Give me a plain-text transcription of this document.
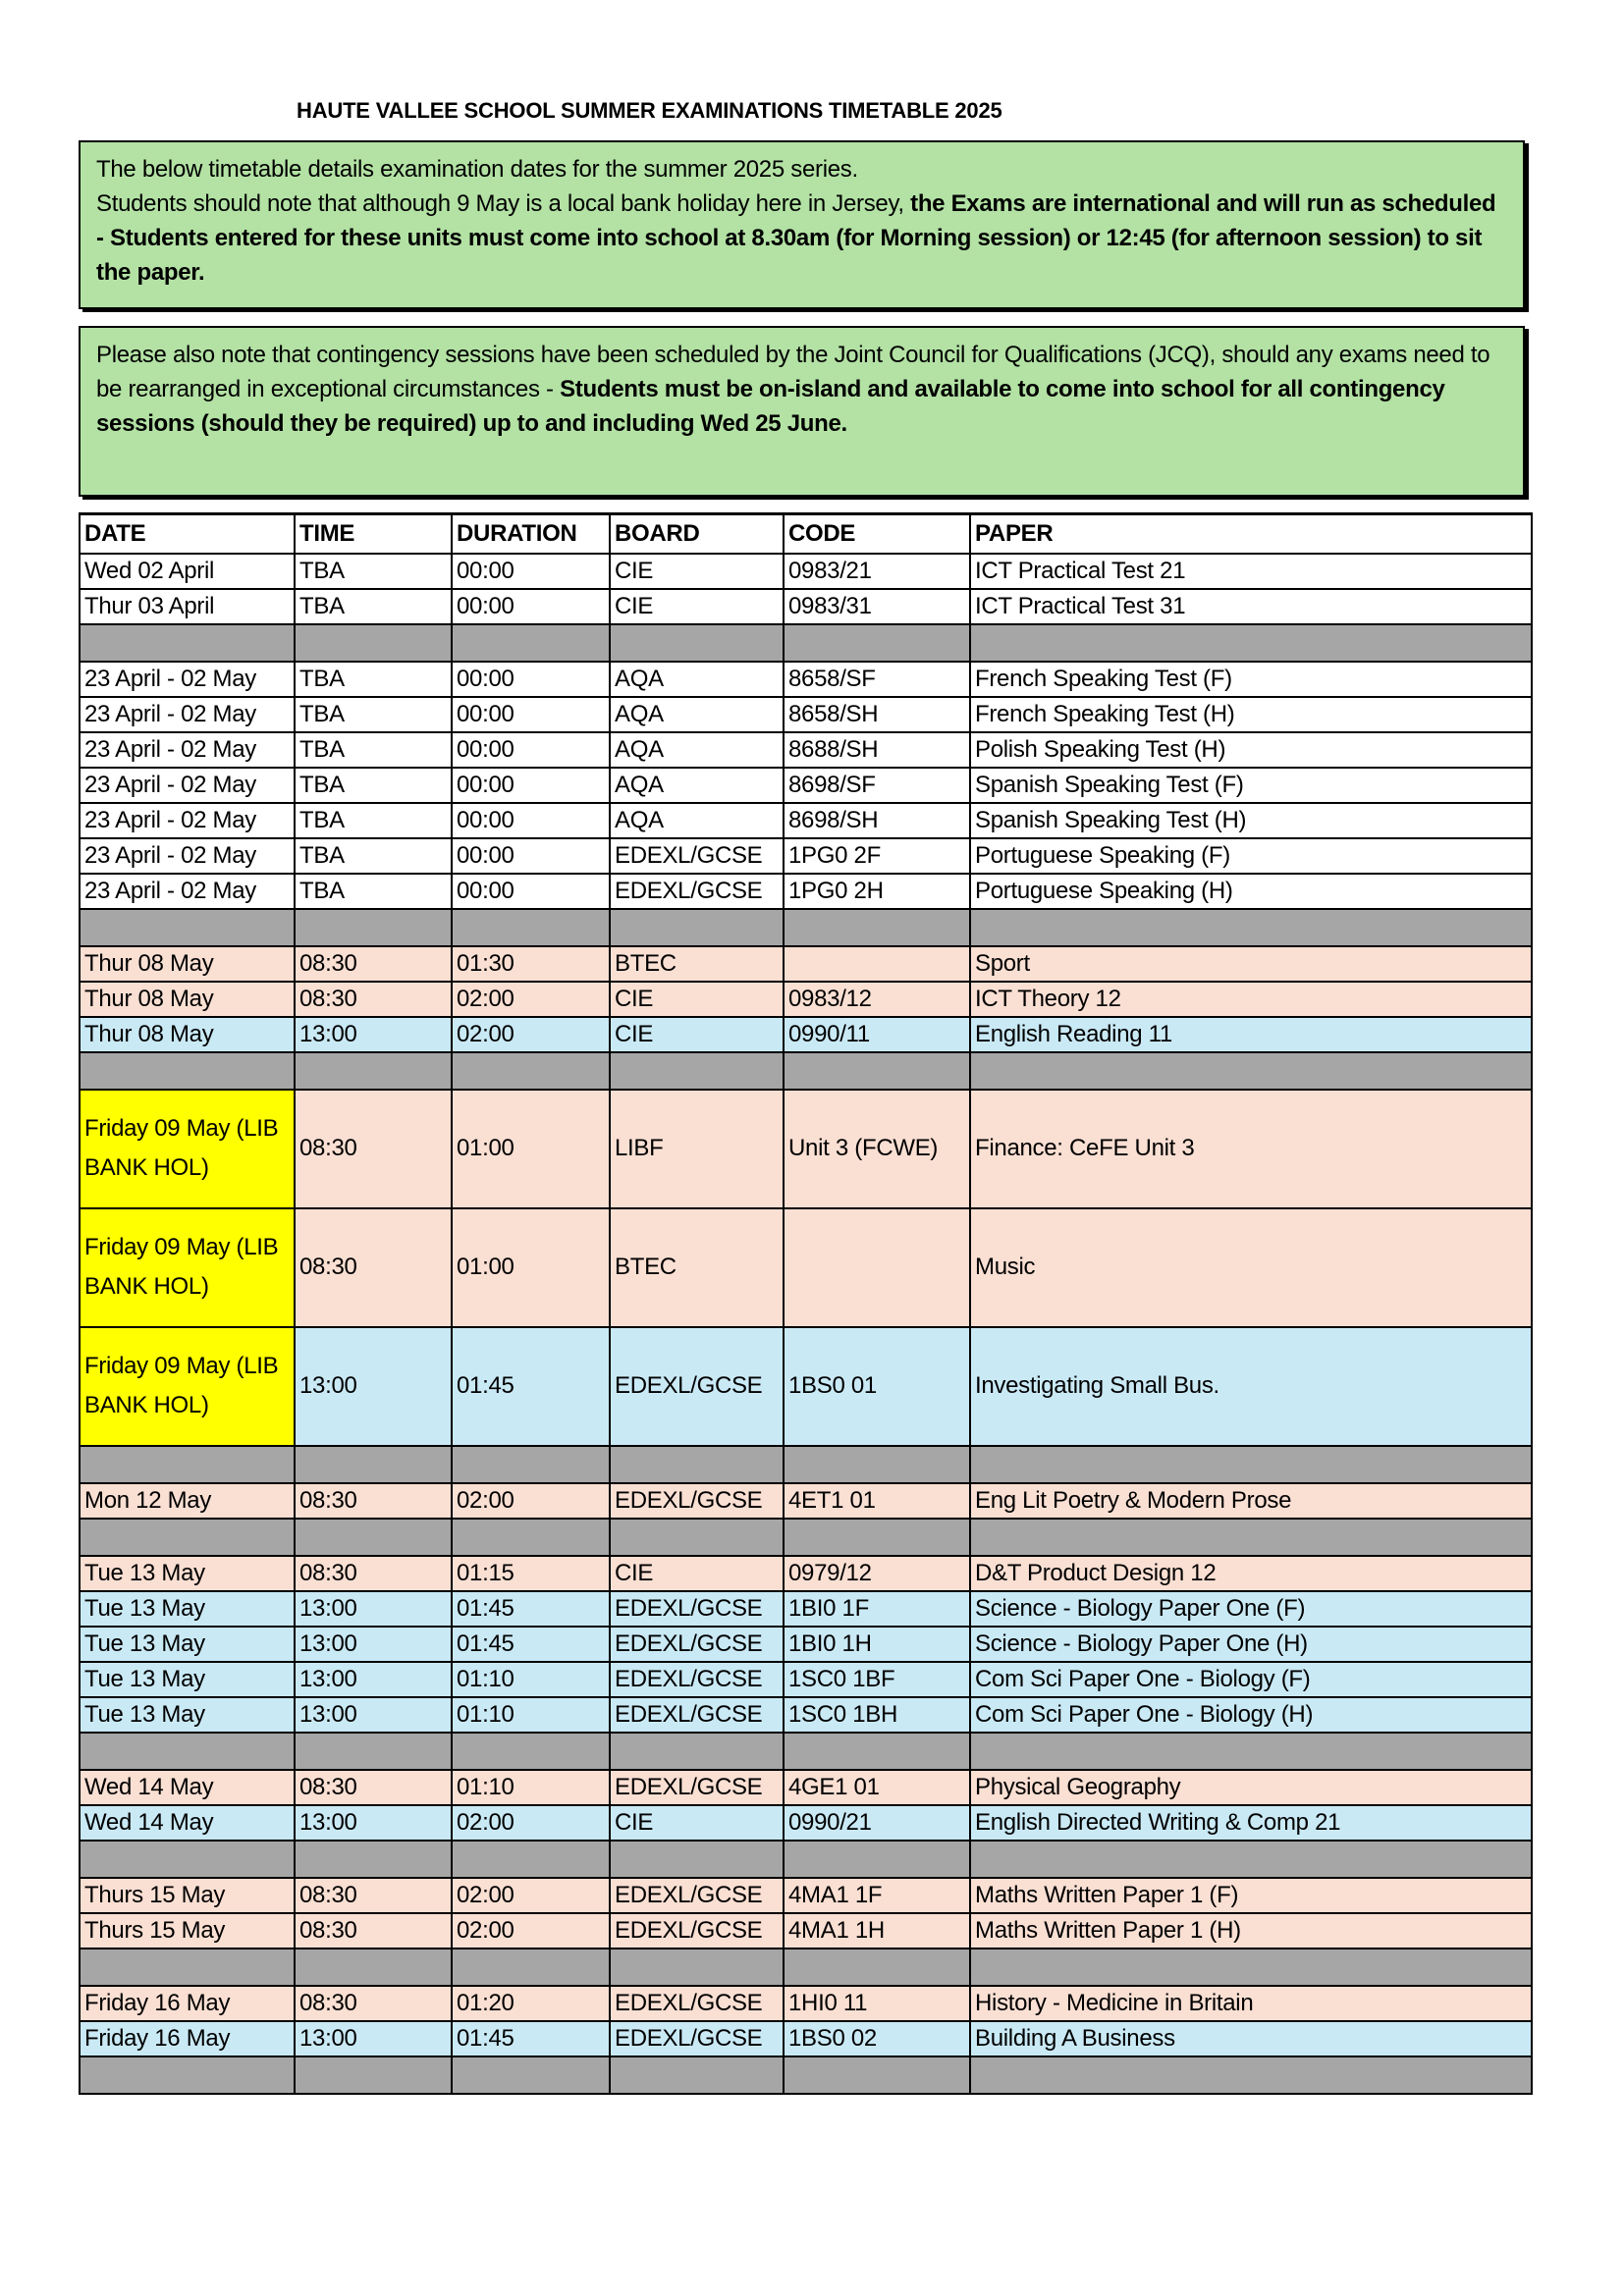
HAUTE VALLEE SCHOOL SUMMER EXAMINATIONS TIMETABLE 2025
The below timetable details examination dates for the summer 2025 series.
Students should note that although 9 May is a local bank holiday here in Jersey, the Exams are international and will run as scheduled - Students entered for these units must come into school at 8.30am (for Morning session) or 12:45 (for afternoon session) to sit the paper.
Please also note that contingency sessions have been scheduled by the Joint Council for Qualifications (JCQ), should any exams need to be rearranged in exceptional circumstances - Students must be on-island and available to come into school for all contingency sessions (should they be required) up to and including Wed 25 June.
DATE	TIME	DURATION	BOARD	CODE	PAPER
Wed 02 April	TBA	00:00	CIE	0983/21	ICT Practical Test 21
Thur 03 April	TBA	00:00	CIE	0983/31	ICT Practical Test 31

23 April - 02 May	TBA	00:00	AQA	8658/SF	French Speaking Test (F)
23 April - 02 May	TBA	00:00	AQA	8658/SH	French Speaking Test (H)
23 April - 02 May	TBA	00:00	AQA	8688/SH	Polish Speaking Test (H)
23 April - 02 May	TBA	00:00	AQA	8698/SF	Spanish Speaking Test (F)
23 April - 02 May	TBA	00:00	AQA	8698/SH	Spanish Speaking Test (H)
23 April - 02 May	TBA	00:00	EDEXL/GCSE	1PG0 2F	Portuguese Speaking (F)
23 April - 02 May	TBA	00:00	EDEXL/GCSE	1PG0 2H	Portuguese Speaking (H)

Thur 08 May	08:30	01:30	BTEC		Sport
Thur 08 May	08:30	02:00	CIE	0983/12	ICT Theory 12
Thur 08 May	13:00	02:00	CIE	0990/11	English Reading 11

Friday 09 May (LIB BANK HOL)	08:30	01:00	LIBF	Unit 3 (FCWE)	Finance: CeFE Unit 3
Friday 09 May (LIB BANK HOL)	08:30	01:00	BTEC		Music
Friday 09 May (LIB BANK HOL)	13:00	01:45	EDEXL/GCSE	1BS0 01	Investigating Small Bus.

Mon 12 May	08:30	02:00	EDEXL/GCSE	4ET1 01	Eng Lit Poetry & Modern Prose

Tue 13 May	08:30	01:15	CIE	0979/12	D&T Product Design 12
Tue 13 May	13:00	01:45	EDEXL/GCSE	1BI0 1F	Science - Biology Paper One (F)
Tue 13 May	13:00	01:45	EDEXL/GCSE	1BI0 1H	Science - Biology Paper One (H)
Tue 13 May	13:00	01:10	EDEXL/GCSE	1SC0 1BF	Com Sci Paper One - Biology (F)
Tue 13 May	13:00	01:10	EDEXL/GCSE	1SC0 1BH	Com Sci Paper One - Biology (H)

Wed 14 May	08:30	01:10	EDEXL/GCSE	4GE1 01	Physical Geography
Wed 14 May	13:00	02:00	CIE	0990/21	English Directed Writing & Comp 21

Thurs 15 May	08:30	02:00	EDEXL/GCSE	4MA1 1F	Maths Written Paper 1 (F)
Thurs 15 May	08:30	02:00	EDEXL/GCSE	4MA1 1H	Maths Written Paper 1 (H)

Friday 16 May	08:30	01:20	EDEXL/GCSE	1HI0 11	History - Medicine in Britain
Friday 16 May	13:00	01:45	EDEXL/GCSE	1BS0 02	Building A Business
